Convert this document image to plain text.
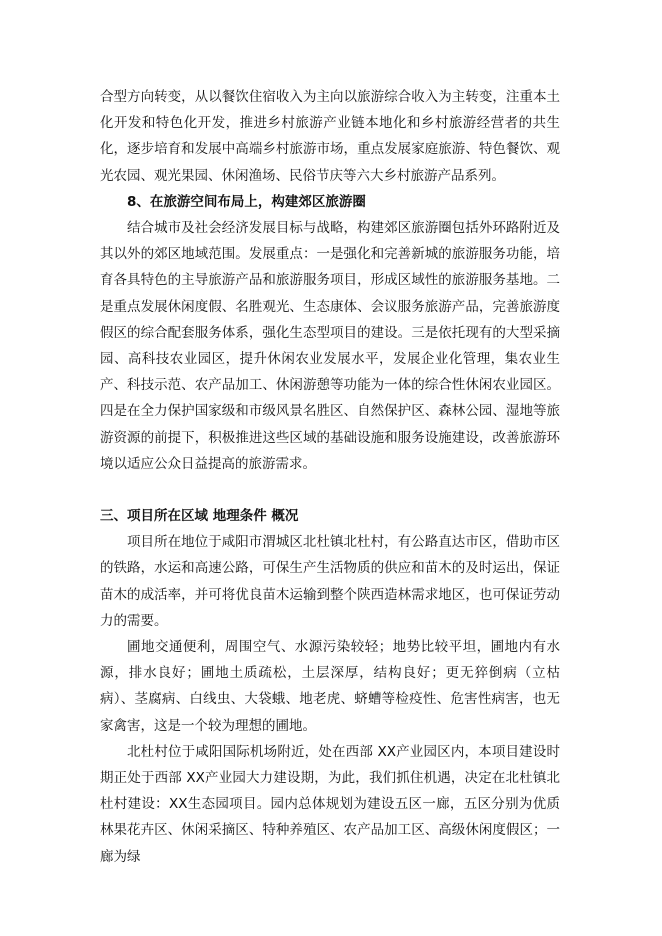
合型方向转变，从以餐饮住宿收入为主向以旅游综合收入为主转变，注重本土化开发和特色化开发，推进乡村旅游产业链本地化和乡村旅游经营者的共生化，逐步培育和发展中高端乡村旅游市场，重点发展家庭旅游、特色餐饮、观光农园、观光果园、休闲渔场、民俗节庆等六大乡村旅游产品系列。

8、在旅游空间布局上，构建郊区旅游圈

结合城市及社会经济发展目标与战略，构建郊区旅游圈包括外环路附近及其以外的郊区地域范围。发展重点：一是强化和完善新城的旅游服务功能，培育各具特色的主导旅游产品和旅游服务项目，形成区域性的旅游服务基地。二是重点发展休闲度假、名胜观光、生态康体、会议服务旅游产品，完善旅游度假区的综合配套服务体系，强化生态型项目的建设。三是依托现有的大型采摘园、高科技农业园区，提升休闲农业发展水平，发展企业化管理，集农业生产、科技示范、农产品加工、休闲游憩等功能为一体的综合性休闲农业园区。四是在全力保护国家级和市级风景名胜区、自然保护区、森林公园、湿地等旅游资源的前提下，积极推进这些区域的基础设施和服务设施建设，改善旅游环境以适应公众日益提高的旅游需求。

三、项目所在区域 地理条件 概况

项目所在地位于咸阳市渭城区北杜镇北杜村，有公路直达市区，借助市区的铁路，水运和高速公路，可保生产生活物质的供应和苗木的及时运出，保证苗木的成活率，并可将优良苗木运输到整个陕西造林需求地区，也可保证劳动力的需要。

圃地交通便利，周围空气、水源污染较轻；地势比较平坦，圃地内有水源，排水良好；圃地土质疏松，土层深厚，结构良好；更无猝倒病（立枯病）、茎腐病、白线虫、大袋蛾、地老虎、蛴螬等检疫性、危害性病害，也无家禽害，这是一个较为理想的圃地。

北杜村位于咸阳国际机场附近，处在西部 XX产业园区内，本项目建设时期正处于西部 XX产业园大力建设期，为此，我们抓住机遇，决定在北杜镇北杜村建设：XX生态园项目。园内总体规划为建设五区一廊，五区分别为优质林果花卉区、休闲采摘区、特种养殖区、农产品加工区、高级休闲度假区；一廊为绿
